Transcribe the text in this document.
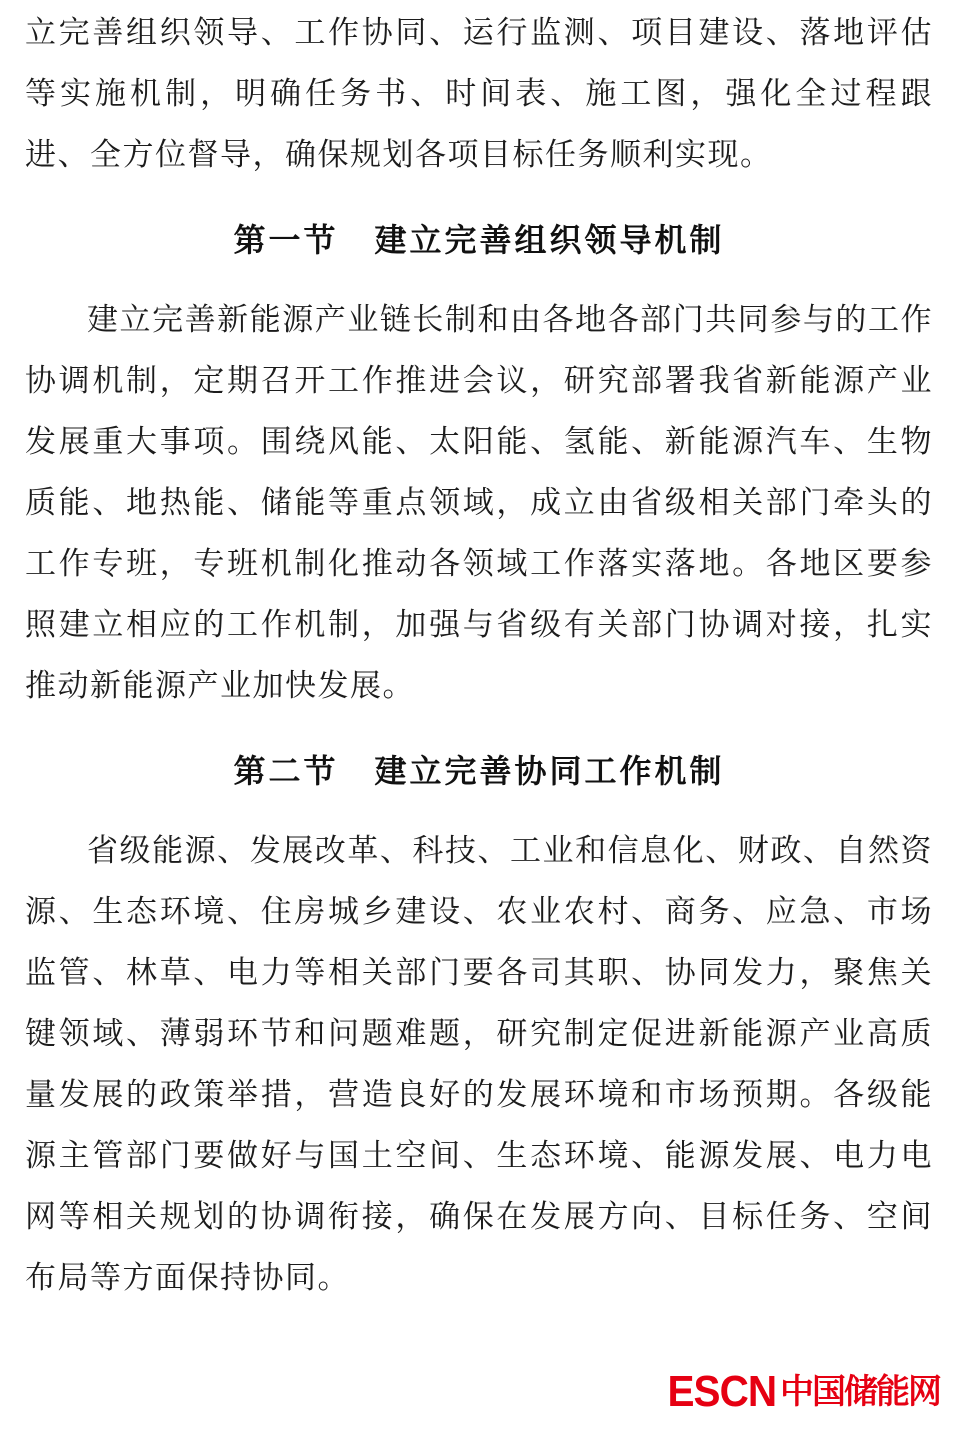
立完善组织领导、工作协同、运行监测、项目建设、落地评估等实施机制，明确任务书、时间表、施工图，强化全过程跟进、全方位督导，确保规划各项目标任务顺利实现。

第一节 建立完善组织领导机制

建立完善新能源产业链长制和由各地各部门共同参与的工作协调机制，定期召开工作推进会议，研究部署我省新能源产业发展重大事项。围绕风能、太阳能、氢能、新能源汽车、生物质能、地热能、储能等重点领域，成立由省级相关部门牵头的工作专班，专班机制化推动各领域工作落实落地。各地区要参照建立相应的工作机制，加强与省级有关部门协调对接，扎实推动新能源产业加快发展。

第二节 建立完善协同工作机制

省级能源、发展改革、科技、工业和信息化、财政、自然资源、生态环境、住房城乡建设、农业农村、商务、应急、市场监管、林草、电力等相关部门要各司其职、协同发力，聚焦关键领域、薄弱环节和问题难题，研究制定促进新能源产业高质量发展的政策举措，营造良好的发展环境和市场预期。各级能源主管部门要做好与国土空间、生态环境、能源发展、电力电网等相关规划的协调衔接，确保在发展方向、目标任务、空间布局等方面保持协同。

ESCN 中国储能网
